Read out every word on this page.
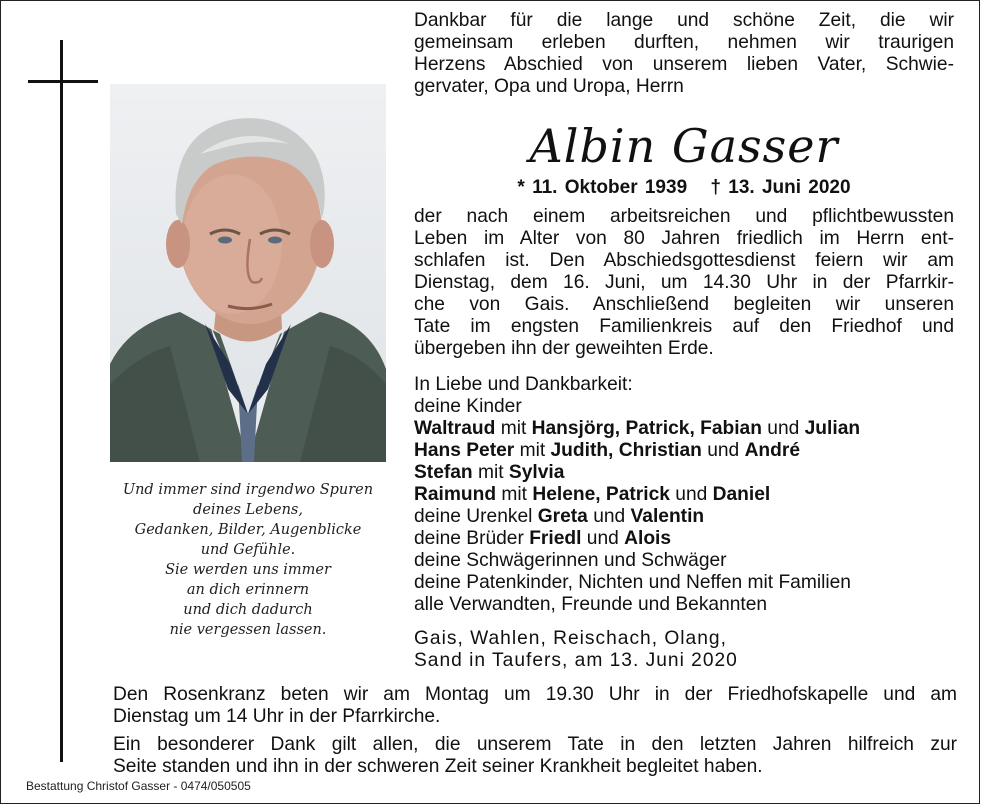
Und immer sind irgendwo Spuren
deines Lebens,
Gedanken, Bilder, Augenblicke
und Gefühle.
Sie werden uns immer
an dich erinnern
und dich dadurch
nie vergessen lassen.
Dankbar für die lange und schöne Zeit, die wir
gemeinsam erleben durften, nehmen wir traurigen
Herzens Abschied von unserem lieben Vater, Schwie-
gervater, Opa und Uropa, Herrn
Albin Gasser
* 11. Oktober 1939 † 13. Juni 2020
der nach einem arbeitsreichen und pflichtbewussten
Leben im Alter von 80 Jahren friedlich im Herrn ent-
schlafen ist. Den Abschiedsgottesdienst feiern wir am
Dienstag, dem 16. Juni, um 14.30 Uhr in der Pfarrkir-
che von Gais. Anschließend begleiten wir unseren
Tate im engsten Familienkreis auf den Friedhof und
übergeben ihn der geweihten Erde.
In Liebe und Dankbarkeit:
deine Kinder
Waltraud mit Hansjörg, Patrick, Fabian und Julian
Hans Peter mit Judith, Christian und André
Stefan mit Sylvia
Raimund mit Helene, Patrick und Daniel
deine Urenkel Greta und Valentin
deine Brüder Friedl und Alois
deine Schwägerinnen und Schwäger
deine Patenkinder, Nichten und Neffen mit Familien
alle Verwandten, Freunde und Bekannten
Gais, Wahlen, Reischach, Olang,
Sand in Taufers, am 13. Juni 2020
Den Rosenkranz beten wir am Montag um 19.30 Uhr in der Friedhofskapelle und am
Dienstag um 14 Uhr in der Pfarrkirche.
Ein besonderer Dank gilt allen, die unserem Tate in den letzten Jahren hilfreich zur
Seite standen und ihn in der schweren Zeit seiner Krankheit begleitet haben.
Bestattung Christof Gasser - 0474/050505
